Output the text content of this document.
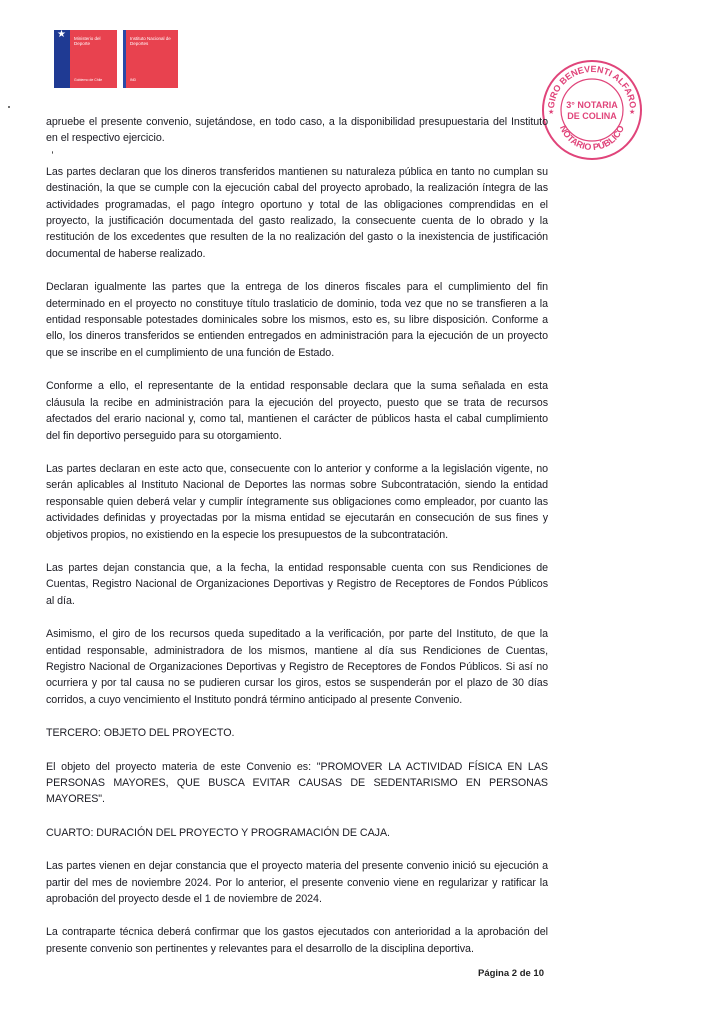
★ Ministerio del Deporte
Gobierno de Chile
Instituto Nacional de Deportes
IND
GIRO BENEVENTI ALFARO
NOTARIO PÚBLICO
3° NOTARIA
DE COLINA
★	★

apruebe el presente convenio, sujetándose, en todo caso, a la disponibilidad presupuestaria del Instituto en el respectivo ejercicio.

Las partes declaran que los dineros transferidos mantienen su naturaleza pública en tanto no cumplan su destinación, la que se cumple con la ejecución cabal del proyecto aprobado, la realización íntegra de las actividades programadas, el pago íntegro oportuno y total de las obligaciones comprendidas en el proyecto, la justificación documentada del gasto realizado, la consecuente cuenta de lo obrado y la restitución de los excedentes que resulten de la no realización del gasto o la inexistencia de justificación documental de haberse realizado.

Declaran igualmente las partes que la entrega de los dineros fiscales para el cumplimiento del fin determinado en el proyecto no constituye título traslaticio de dominio, toda vez que no se transfieren a la entidad responsable potestades dominicales sobre los mismos, esto es, su libre disposición. Conforme a ello, los dineros transferidos se entienden entregados en administración para la ejecución de un proyecto que se inscribe en el cumplimiento de una función de Estado.

Conforme a ello, el representante de la entidad responsable declara que la suma señalada en esta cláusula la recibe en administración para la ejecución del proyecto, puesto que se trata de recursos afectados del erario nacional y, como tal, mantienen el carácter de públicos hasta el cabal cumplimiento del fin deportivo perseguido para su otorgamiento.

Las partes declaran en este acto que, consecuente con lo anterior y conforme a la legislación vigente, no serán aplicables al Instituto Nacional de Deportes las normas sobre Subcontratación, siendo la entidad responsable quien deberá velar y cumplir íntegramente sus obligaciones como empleador, por cuanto las actividades definidas y proyectadas por la misma entidad se ejecutarán en consecución de sus fines y objetivos propios, no existiendo en la especie los presupuestos de la subcontratación.

Las partes dejan constancia que, a la fecha, la entidad responsable cuenta con sus Rendiciones de Cuentas, Registro Nacional de Organizaciones Deportivas y Registro de Receptores de Fondos Públicos al día.

Asimismo, el giro de los recursos queda supeditado a la verificación, por parte del Instituto, de que la entidad responsable, administradora de los mismos, mantiene al día sus Rendiciones de Cuentas, Registro Nacional de Organizaciones Deportivas y Registro de Receptores de Fondos Públicos. Si así no ocurriera y por tal causa no se pudieren cursar los giros, estos se suspenderán por el plazo de 30 días corridos, a cuyo vencimiento el Instituto pondrá término anticipado al presente Convenio.

TERCERO: OBJETO DEL PROYECTO.

El objeto del proyecto materia de este Convenio es: "PROMOVER LA ACTIVIDAD FÍSICA EN LAS PERSONAS MAYORES, QUE BUSCA EVITAR CAUSAS DE SEDENTARISMO EN PERSONAS MAYORES".

CUARTO: DURACIÓN DEL PROYECTO Y PROGRAMACIÓN DE CAJA.

Las partes vienen en dejar constancia que el proyecto materia del presente convenio inició su ejecución a partir del mes de noviembre 2024. Por lo anterior, el presente convenio viene en regularizar y ratificar la aprobación del proyecto desde el 1 de noviembre de 2024.

La contraparte técnica deberá confirmar que los gastos ejecutados con anterioridad a la aprobación del presente convenio son pertinentes y relevantes para el desarrollo de la disciplina deportiva.

Página 2 de 10
